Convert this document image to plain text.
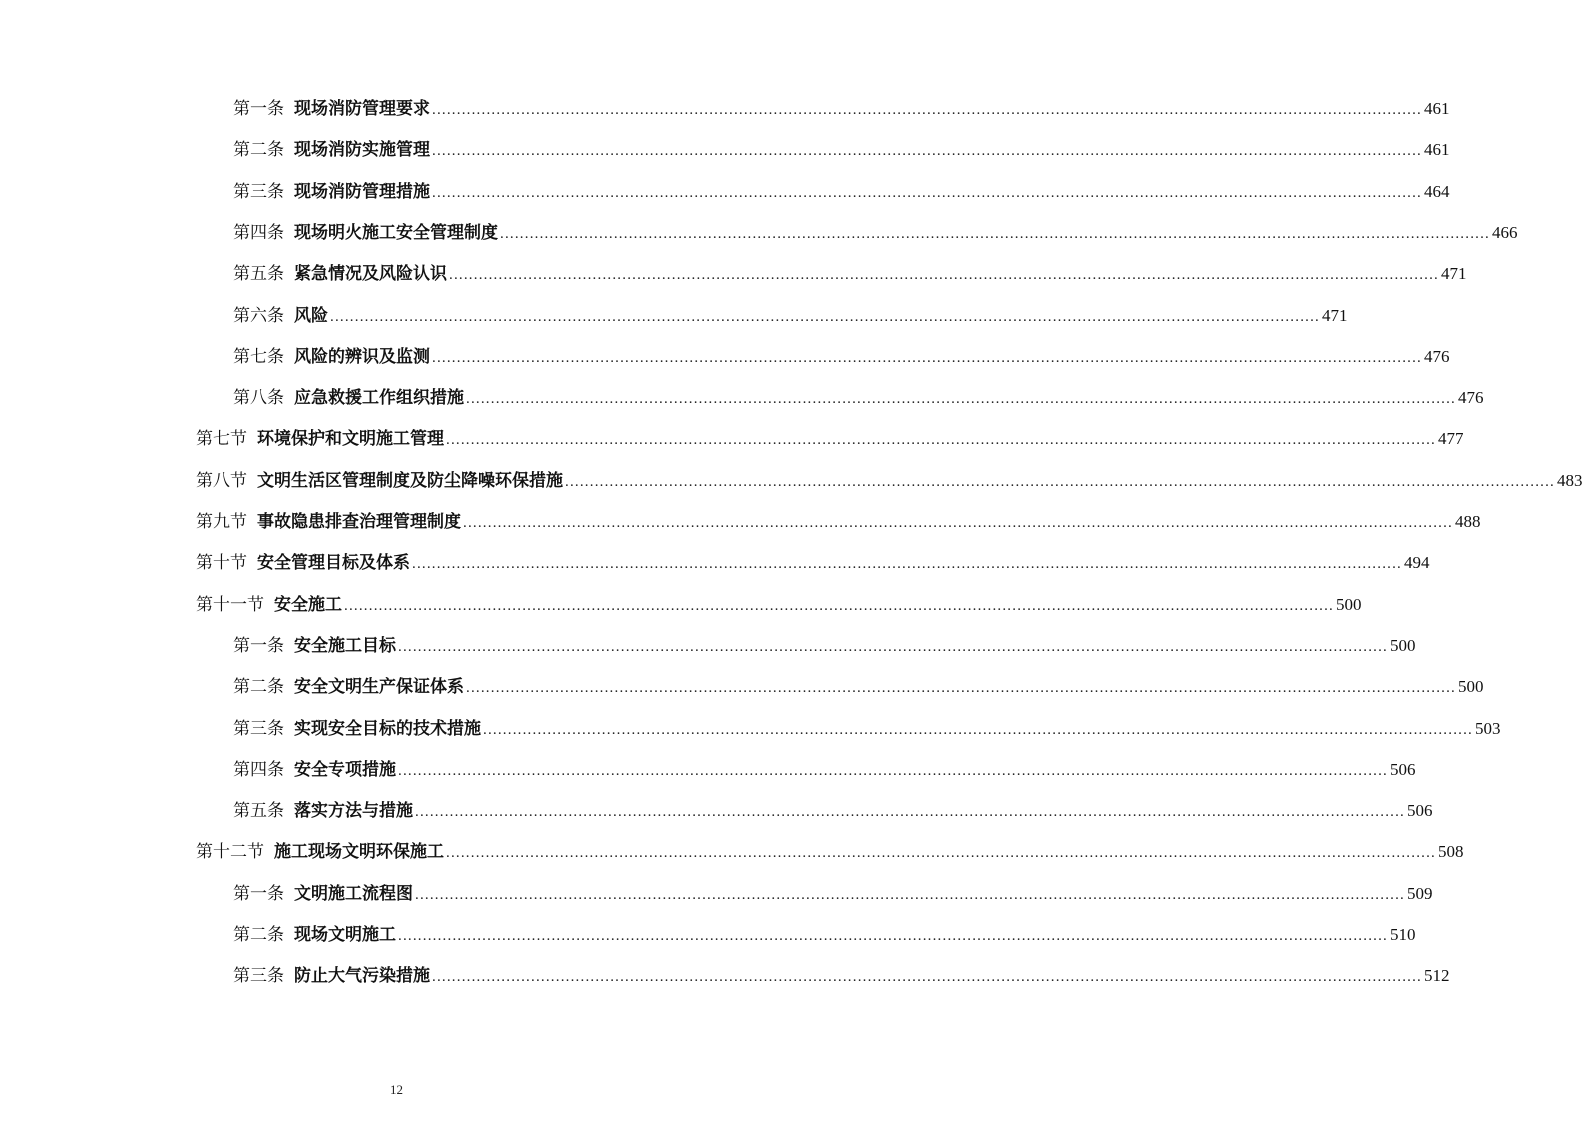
第一条 现场消防管理要求 ........................................................................................................................................................................................................ 461
第二条 现场消防实施管理 ........................................................................................................................................................................................................ 461
第三条 现场消防管理措施 ........................................................................................................................................................................................................ 464
第四条 现场明火施工安全管理制度 ........................................................................................................................................................................................................ 466
第五条 紧急情况及风险认识 ........................................................................................................................................................................................................ 471
第六条 风险 ........................................................................................................................................................................................................ 471
第七条 风险的辨识及监测 ........................................................................................................................................................................................................ 476
第八条 应急救援工作组织措施 ........................................................................................................................................................................................................ 476
第七节 环境保护和文明施工管理 ........................................................................................................................................................................................................ 477
第八节 文明生活区管理制度及防尘降噪环保措施 ........................................................................................................................................................................................................ 483
第九节 事故隐患排查治理管理制度 ........................................................................................................................................................................................................ 488
第十节 安全管理目标及体系 ........................................................................................................................................................................................................ 494
第十一节 安全施工 ........................................................................................................................................................................................................ 500
第一条 安全施工目标 ........................................................................................................................................................................................................ 500
第二条 安全文明生产保证体系 ........................................................................................................................................................................................................ 500
第三条 实现安全目标的技术措施 ........................................................................................................................................................................................................ 503
第四条 安全专项措施 ........................................................................................................................................................................................................ 506
第五条 落实方法与措施 ........................................................................................................................................................................................................ 506
第十二节 施工现场文明环保施工 ........................................................................................................................................................................................................ 508
第一条 文明施工流程图 ........................................................................................................................................................................................................ 509
第二条 现场文明施工 ........................................................................................................................................................................................................ 510
第三条 防止大气污染措施 ........................................................................................................................................................................................................ 512
12
